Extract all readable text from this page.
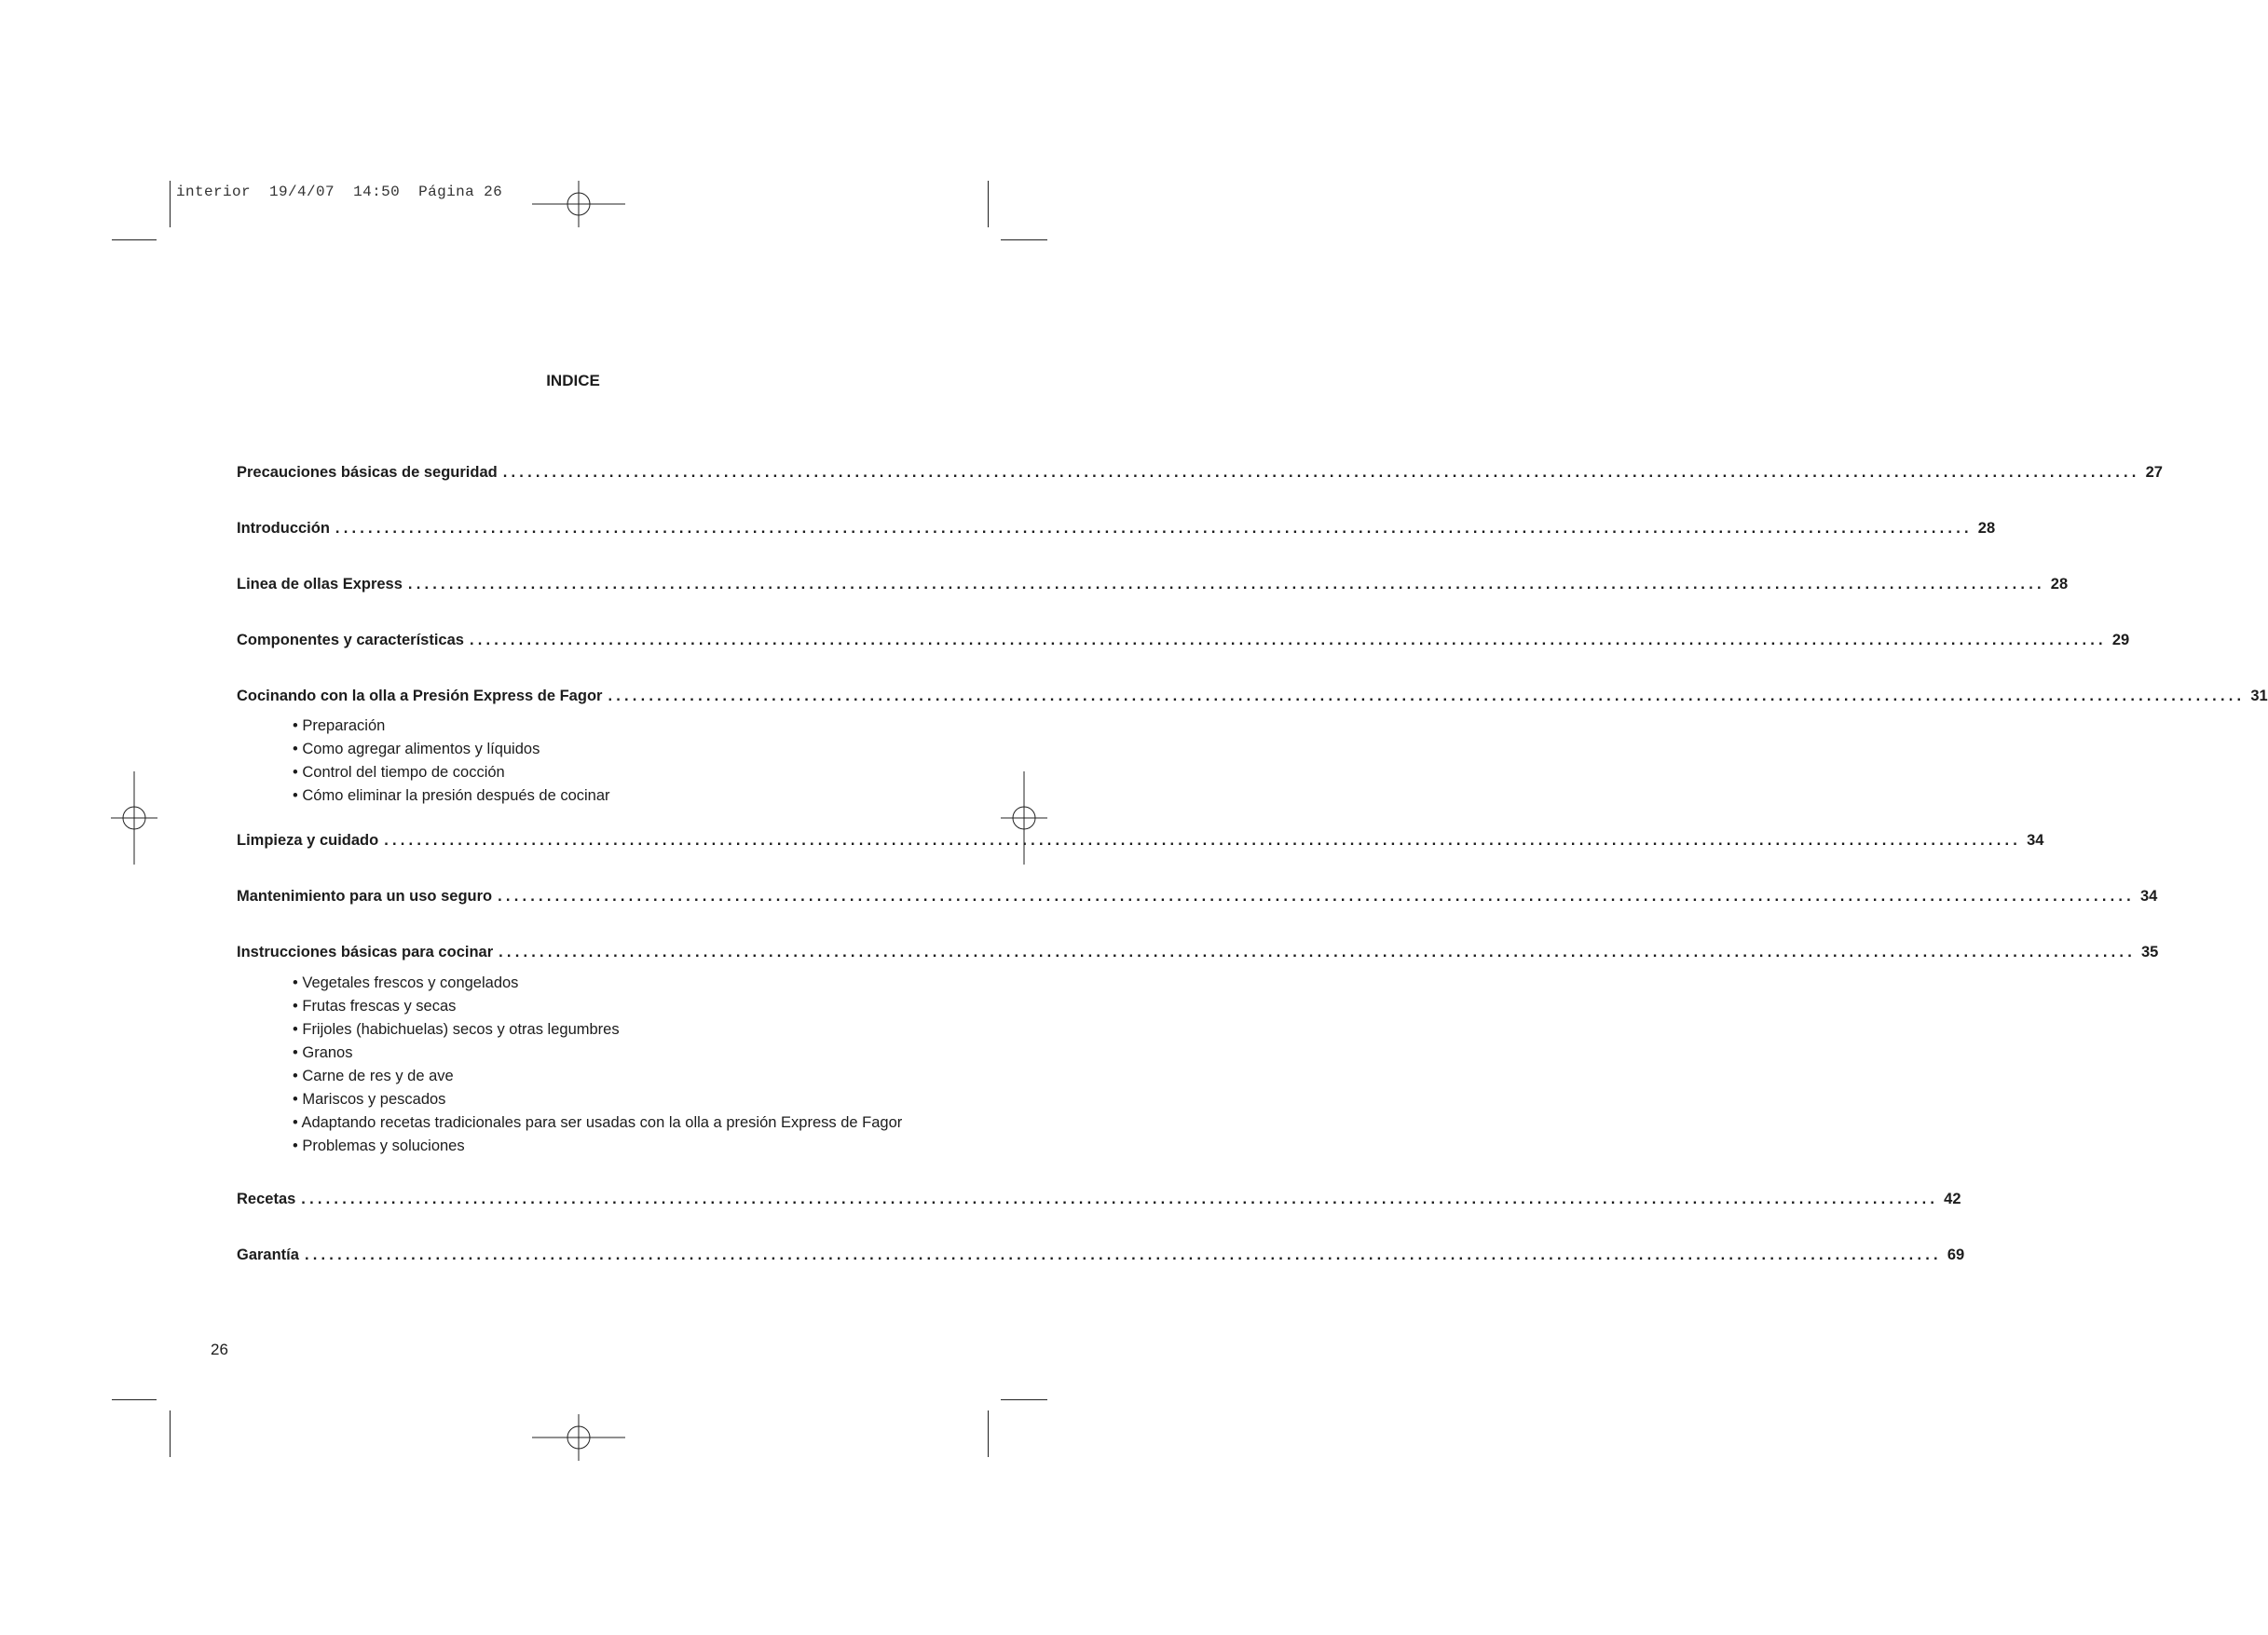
interior 19/4/07 14:50 Página 26
INDICE
Precauciones básicas de seguridad ........................................................................................................................................................................................................ 27
Introducción ........................................................................................................................................................................................................ 28
Linea de ollas Express ........................................................................................................................................................................................................ 28
Componentes y características ........................................................................................................................................................................................................ 29
Cocinando con la olla a Presión Express de Fagor ........................................................................................................................................................................................................ 31
• Preparación
• Como agregar alimentos y líquidos
• Control del tiempo de cocción
• Cómo eliminar la presión después de cocinar
Limpieza y cuidado ........................................................................................................................................................................................................ 34
Mantenimiento para un uso seguro ........................................................................................................................................................................................................ 34
Instrucciones básicas para cocinar ........................................................................................................................................................................................................ 35
• Vegetales frescos y congelados
• Frutas frescas y secas
• Frijoles (habichuelas) secos y otras legumbres
• Granos
• Carne de res y de ave
• Mariscos y pescados
• Adaptando recetas tradicionales para ser usadas con la olla a presión Express de Fagor
• Problemas y soluciones
Recetas ........................................................................................................................................................................................................ 42
Garantía ........................................................................................................................................................................................................ 69
26
